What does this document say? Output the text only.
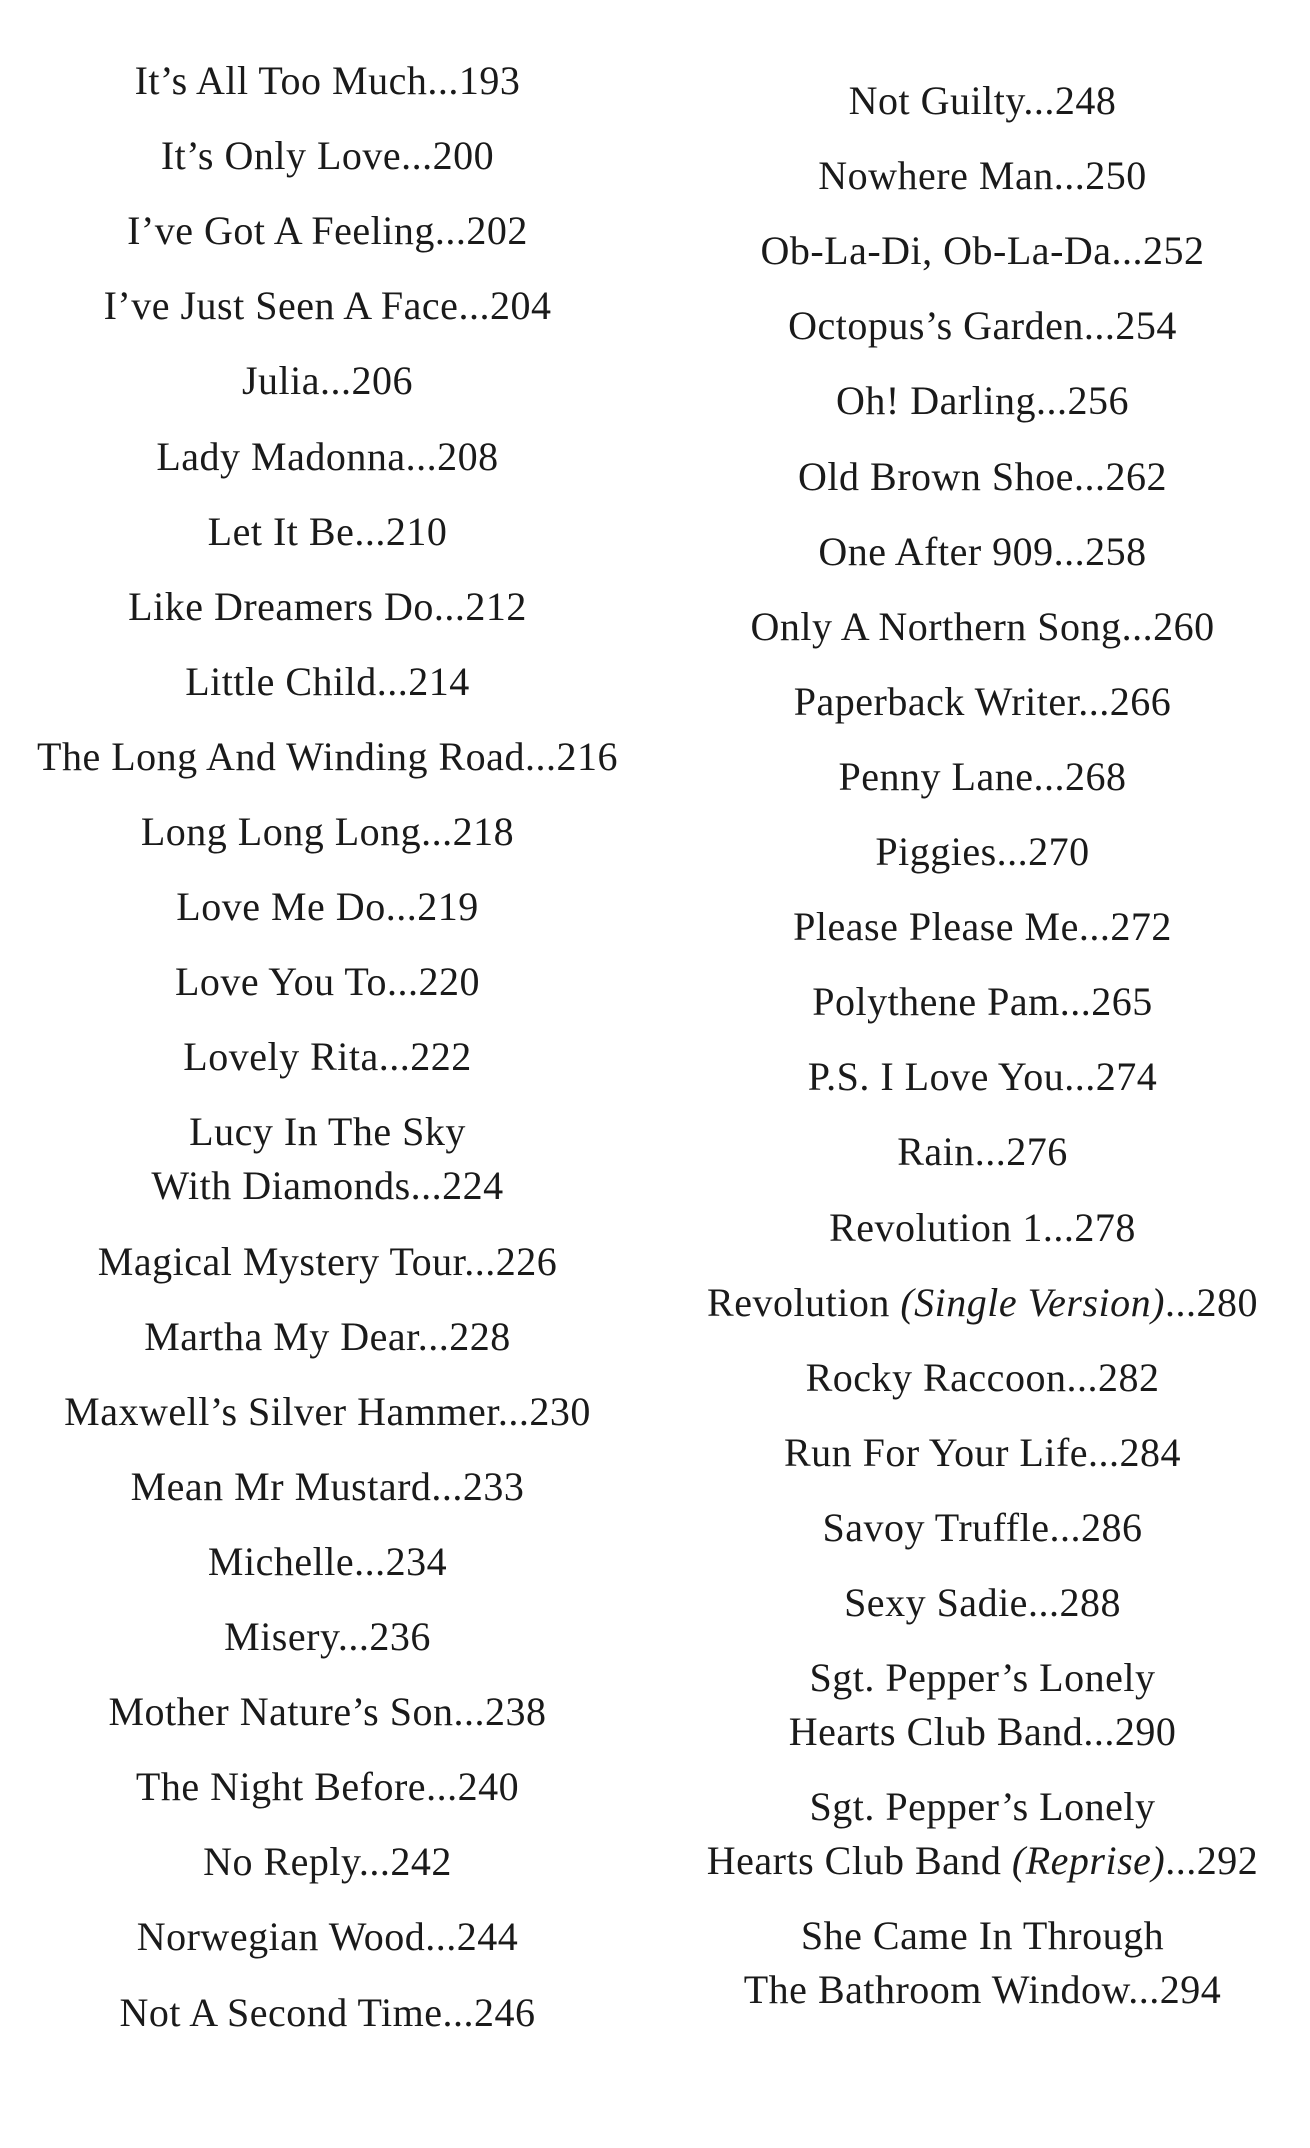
It’s All Too Much...193
It’s Only Love...200
I’ve Got A Feeling...202
I’ve Just Seen A Face...204
Julia...206
Lady Madonna...208
Let It Be...210
Like Dreamers Do...212
Little Child...214
The Long And Winding Road...216
Long Long Long...218
Love Me Do...219
Love You To...220
Lovely Rita...222
Lucy In The Sky
With Diamonds...224
Magical Mystery Tour...226
Martha My Dear...228
Maxwell’s Silver Hammer...230
Mean Mr Mustard...233
Michelle...234
Misery...236
Mother Nature’s Son...238
The Night Before...240
No Reply...242
Norwegian Wood...244
Not A Second Time...246
Not Guilty...248
Nowhere Man...250
Ob-La-Di, Ob-La-Da...252
Octopus’s Garden...254
Oh! Darling...256
Old Brown Shoe...262
One After 909...258
Only A Northern Song...260
Paperback Writer...266
Penny Lane...268
Piggies...270
Please Please Me...272
Polythene Pam...265
P.S. I Love You...274
Rain...276
Revolution 1...278
Revolution (Single Version)...280
Rocky Raccoon...282
Run For Your Life...284
Savoy Truffle...286
Sexy Sadie...288
Sgt. Pepper’s Lonely
Hearts Club Band...290
Sgt. Pepper’s Lonely
Hearts Club Band (Reprise)...292
She Came In Through
The Bathroom Window...294
